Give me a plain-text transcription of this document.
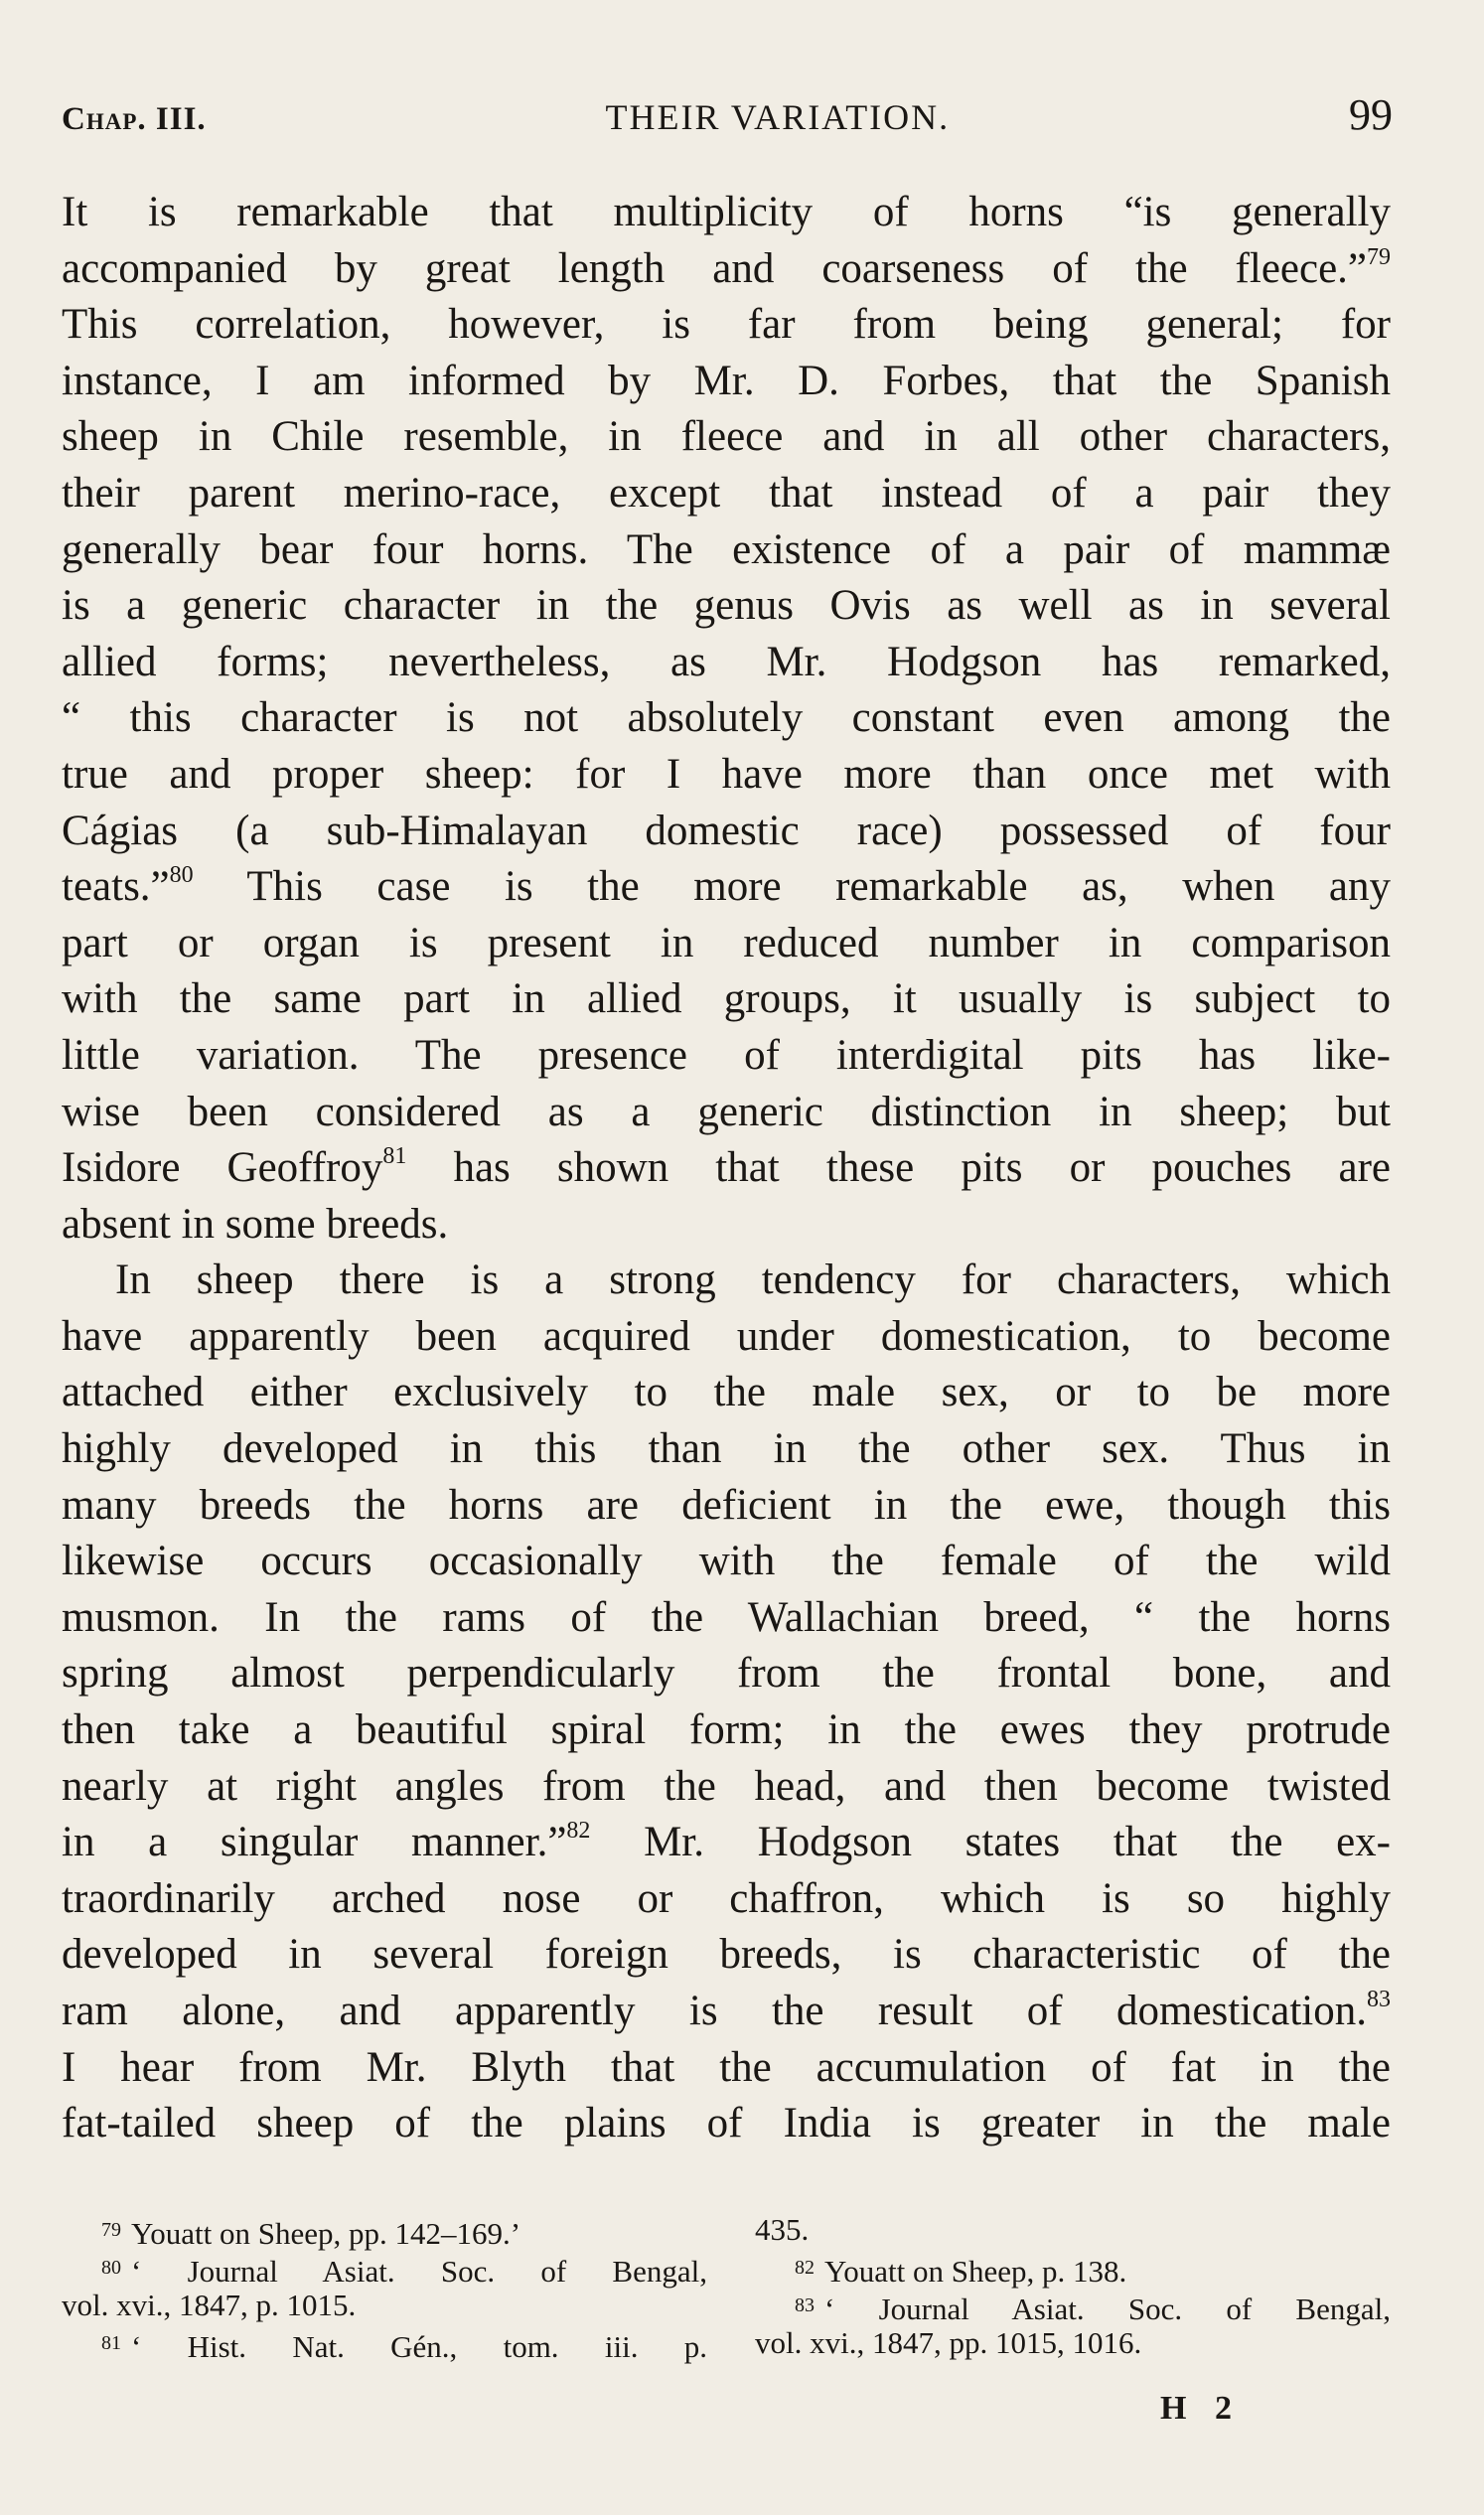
Chap. III.	THEIR VARIATION.	99
It is remarkable that multiplicity of horns “is generally
accompanied by great length and coarseness of the fleece.”$^{79}$
This correlation, however, is far from being general; for
instance, I am informed by Mr. D. Forbes, that the Spanish
sheep in Chile resemble, in fleece and in all other characters,
their parent merino-race, except that instead of a pair they
generally bear four horns. The existence of a pair of mammæ
is a generic character in the genus Ovis as well as in several
allied forms; nevertheless, as Mr. Hodgson has remarked,
“ this character is not absolutely constant even among the
true and proper sheep: for I have more than once met with
Cágias (a sub-Himalayan domestic race) possessed of four
teats.”$^{80}$ This case is the more remarkable as, when any
part or organ is present in reduced number in comparison
with the same part in allied groups, it usually is subject to
little variation. The presence of interdigital pits has like-
wise been considered as a generic distinction in sheep; but
Isidore Geoffroy$^{81}$ has shown that these pits or pouches are
absent in some breeds.
In sheep there is a strong tendency for characters, which
have apparently been acquired under domestication, to become
attached either exclusively to the male sex, or to be more
highly developed in this than in the other sex. Thus in
many breeds the horns are deficient in the ewe, though this
likewise occurs occasionally with the female of the wild
musmon. In the rams of the Wallachian breed, “ the horns
spring almost perpendicularly from the frontal bone, and
then take a beautiful spiral form; in the ewes they protrude
nearly at right angles from the head, and then become twisted
in a singular manner.”$^{82}$ Mr. Hodgson states that the ex-
traordinarily arched nose or chaffron, which is so highly
developed in several foreign breeds, is characteristic of the
ram alone, and apparently is the result of domestication.$^{83}$
I hear from Mr. Blyth that the accumulation of fat in the
fat-tailed sheep of the plains of India is greater in the male
$^{79}$ Youatt on Sheep, pp. 142–169.’
$^{80}$ ‘ Journal Asiat. Soc. of Bengal,
vol. xvi., 1847, p. 1015.
$^{81}$ ‘ Hist. Nat. Gén., tom. iii. p.
435.
$^{82}$ Youatt on Sheep, p. 138.
$^{83}$ ‘ Journal Asiat. Soc. of Bengal,
vol. xvi., 1847, pp. 1015, 1016.
H 2
